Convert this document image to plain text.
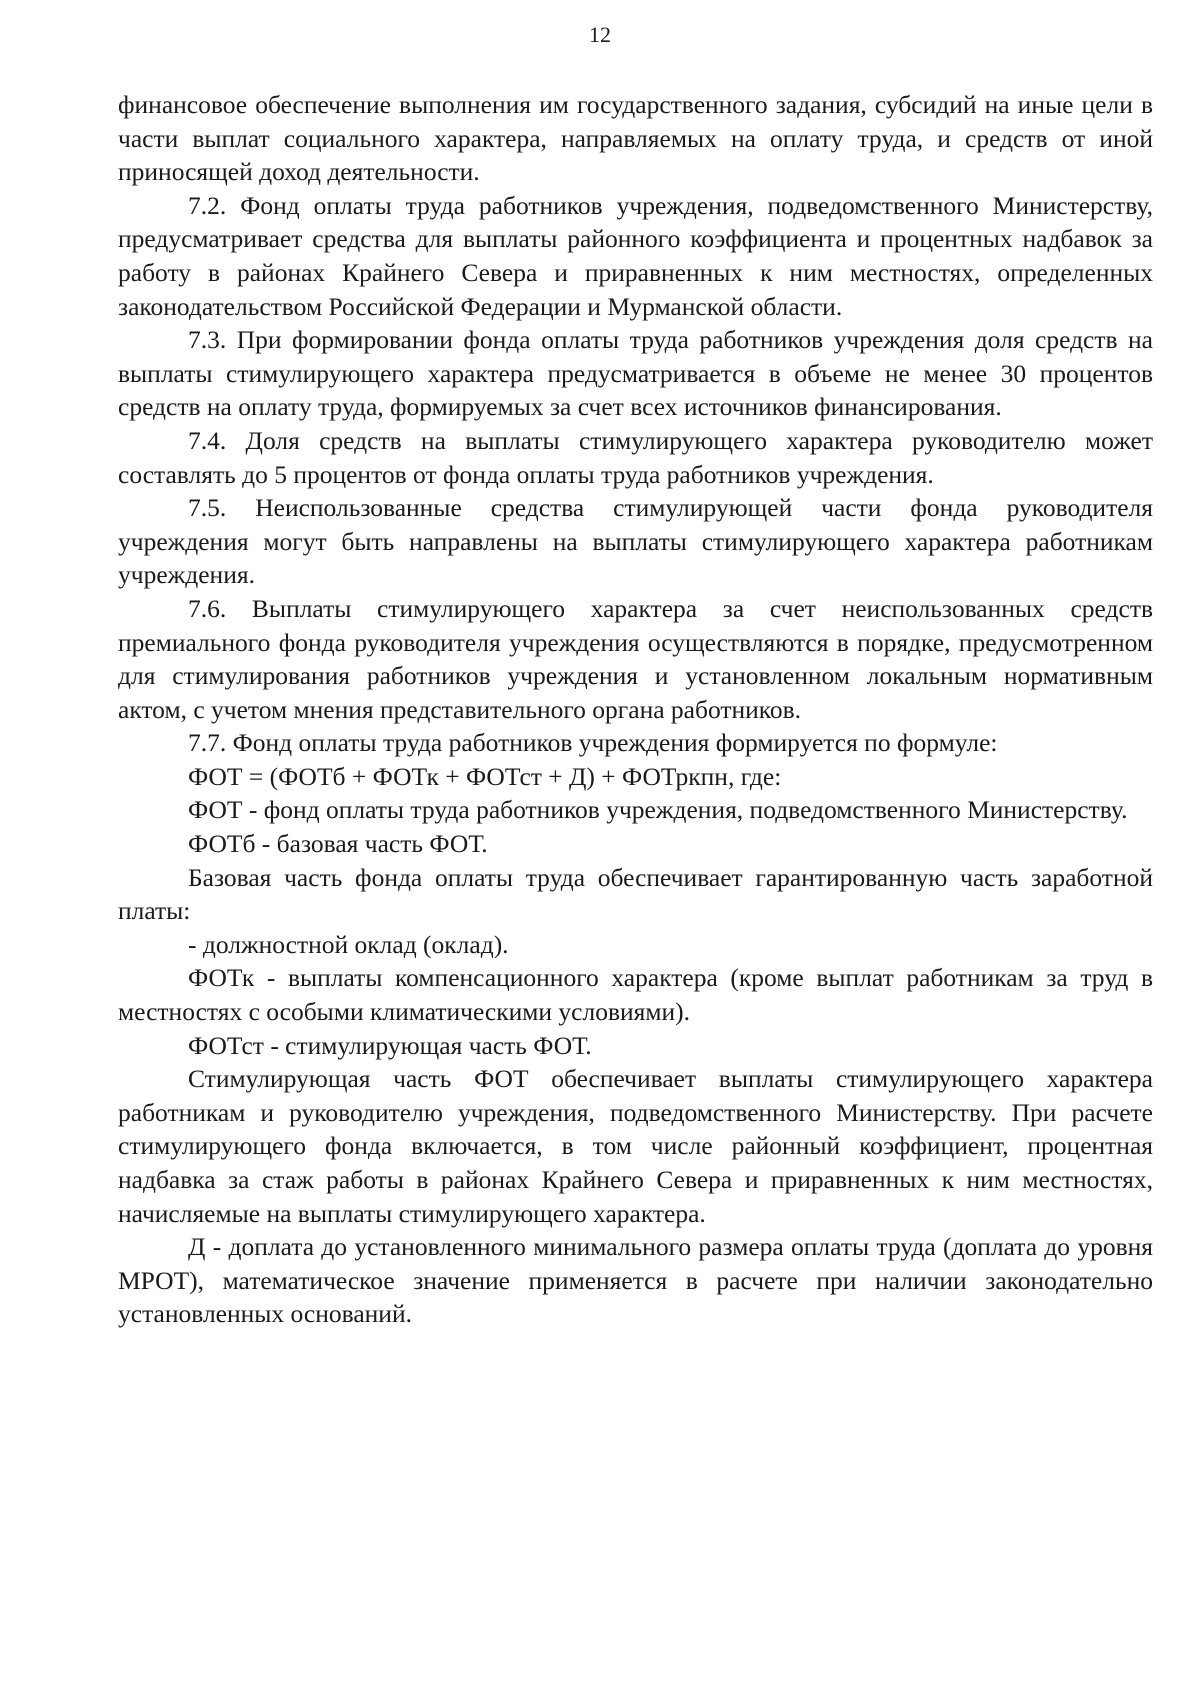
12

финансовое обеспечение выполнения им государственного задания, субсидий на иные цели в части выплат социального характера, направляемых на оплату труда, и средств от иной приносящей доход деятельности.

7.2. Фонд оплаты труда работников учреждения, подведомственного Министерству, предусматривает средства для выплаты районного коэффициента и процентных надбавок за работу в районах Крайнего Севера и приравненных к ним местностях, определенных законодательством Российской Федерации и Мурманской области.

7.3. При формировании фонда оплаты труда работников учреждения доля средств на выплаты стимулирующего характера предусматривается в объеме не менее 30 процентов средств на оплату труда, формируемых за счет всех источников финансирования.

7.4. Доля средств на выплаты стимулирующего характера руководителю может составлять до 5 процентов от фонда оплаты труда работников учреждения.

7.5. Неиспользованные средства стимулирующей части фонда руководителя учреждения могут быть направлены на выплаты стимулирующего характера работникам учреждения.

7.6. Выплаты стимулирующего характера за счет неиспользованных средств премиального фонда руководителя учреждения осуществляются в порядке, предусмотренном для стимулирования работников учреждения и установленном локальным нормативным актом, с учетом мнения представительного органа работников.

7.7. Фонд оплаты труда работников учреждения формируется по формуле:

ФОТ = (ФОТб + ФОТк + ФОТст + Д) + ФОТркпн, где:

ФОТ - фонд оплаты труда работников учреждения, подведомственного Министерству.

ФОТб - базовая часть ФОТ.

Базовая часть фонда оплаты труда обеспечивает гарантированную часть заработной платы:

- должностной оклад (оклад).

ФОТк - выплаты компенсационного характера (кроме выплат работникам за труд в местностях с особыми климатическими условиями).

ФОТст - стимулирующая часть ФОТ.

Стимулирующая часть ФОТ обеспечивает выплаты стимулирующего характера работникам и руководителю учреждения, подведомственного Министерству. При расчете стимулирующего фонда включается, в том числе районный коэффициент, процентная надбавка за стаж работы в районах Крайнего Севера и приравненных к ним местностях, начисляемые на выплаты стимулирующего характера.

Д - доплата до установленного минимального размера оплаты труда (доплата до уровня МРОТ), математическое значение применяется в расчете при наличии законодательно установленных оснований.
